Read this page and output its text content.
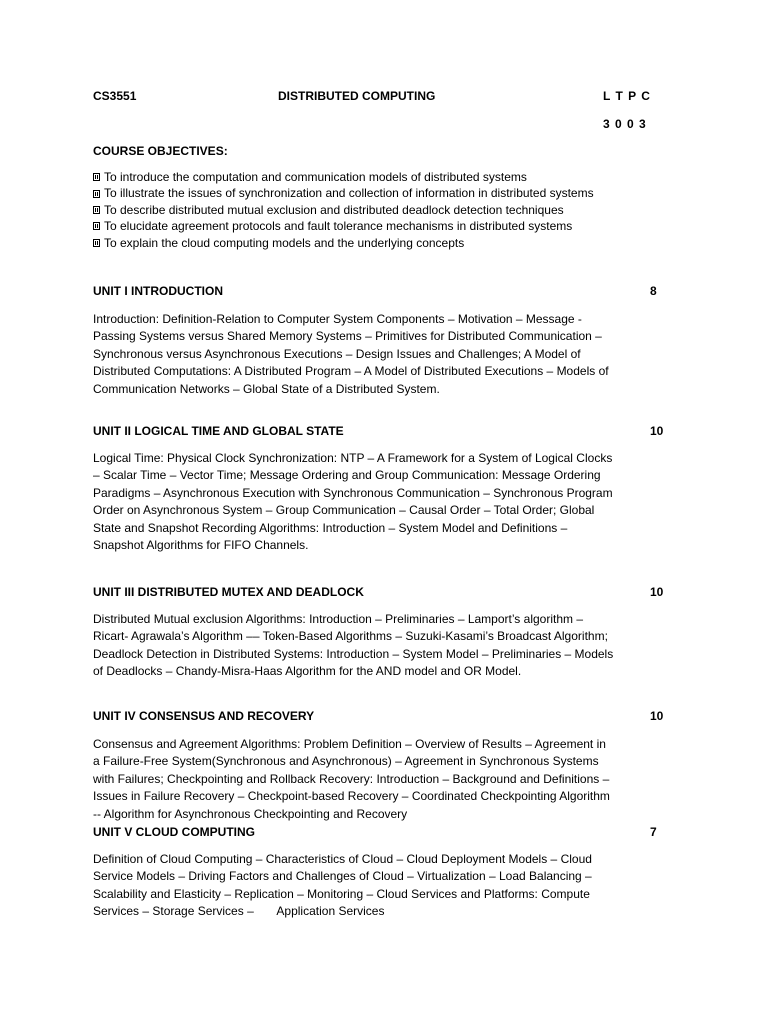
CS3551	DISTRIBUTED COMPUTING	L T P C
3 0 0 3
COURSE OBJECTIVES:
To introduce the computation and communication models of distributed systems
To illustrate the issues of synchronization and collection of information in distributed systems
To describe distributed mutual exclusion and distributed deadlock detection techniques
To elucidate agreement protocols and fault tolerance mechanisms in distributed systems
To explain the cloud computing models and the underlying concepts
UNIT I INTRODUCTION	8
Introduction: Definition-Relation to Computer System Components – Motivation – Message -
Passing Systems versus Shared Memory Systems – Primitives for Distributed Communication –
Synchronous versus Asynchronous Executions – Design Issues and Challenges; A Model of
Distributed Computations: A Distributed Program – A Model of Distributed Executions – Models of
Communication Networks – Global State of a Distributed System.
UNIT II LOGICAL TIME AND GLOBAL STATE	10
Logical Time: Physical Clock Synchronization: NTP – A Framework for a System of Logical Clocks
– Scalar Time – Vector Time; Message Ordering and Group Communication: Message Ordering
Paradigms – Asynchronous Execution with Synchronous Communication – Synchronous Program
Order on Asynchronous System – Group Communication – Causal Order – Total Order; Global
State and Snapshot Recording Algorithms: Introduction – System Model and Definitions –
Snapshot Algorithms for FIFO Channels.
UNIT III DISTRIBUTED MUTEX AND DEADLOCK	10
Distributed Mutual exclusion Algorithms: Introduction – Preliminaries – Lamport’s algorithm –
Ricart- Agrawala’s Algorithm –– Token-Based Algorithms – Suzuki-Kasami’s Broadcast Algorithm;
Deadlock Detection in Distributed Systems: Introduction – System Model – Preliminaries – Models
of Deadlocks – Chandy-Misra-Haas Algorithm for the AND model and OR Model.
UNIT IV CONSENSUS AND RECOVERY	10
Consensus and Agreement Algorithms: Problem Definition – Overview of Results – Agreement in
a Failure-Free System(Synchronous and Asynchronous) – Agreement in Synchronous Systems
with Failures; Checkpointing and Rollback Recovery: Introduction – Background and Definitions –
Issues in Failure Recovery – Checkpoint-based Recovery – Coordinated Checkpointing Algorithm
-- Algorithm for Asynchronous Checkpointing and Recovery
UNIT V CLOUD COMPUTING	7
Definition of Cloud Computing – Characteristics of Cloud – Cloud Deployment Models – Cloud
Service Models – Driving Factors and Challenges of Cloud – Virtualization – Load Balancing –
Scalability and Elasticity – Replication – Monitoring – Cloud Services and Platforms: Compute
Services – Storage Services –       Application Services
